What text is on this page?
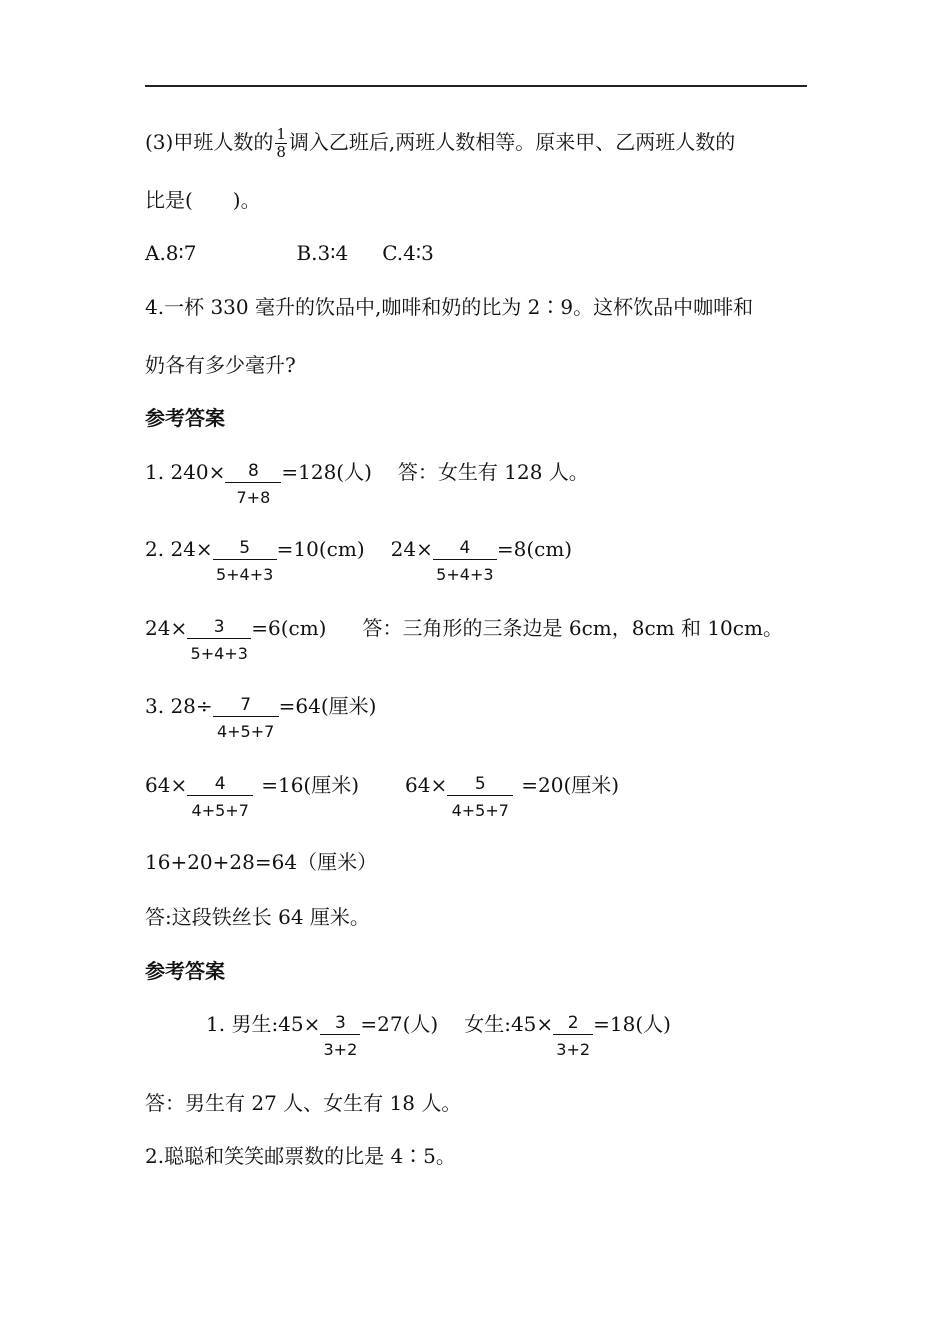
(3)甲班人数的 $\frac{1}{8}$ 调入乙班后,两班人数相等。原来甲、乙两班人数的
比是(　　)。
A.8∶7	B.3∶4 C.4∶3
4.一杯 330 毫升的饮品中,咖啡和奶的比为 2∶9。这杯饮品中咖啡和
奶各有多少毫升?
参考答案
1. $240\times \frac{8}{7+8} =128$(人) 答：女生有 128 人。
2. $24\times \frac{5}{5+4+3} =10(cm)$ $24\times \frac{4}{5+4+3} =8(cm)$
$24\times \frac{3}{5+4+3} =6(cm)$ 答：三角形的三条边是 6cm，8cm 和 10cm。
3. $28\div \frac{7}{4+5+7} =64$(厘米)
$64\times \frac{4}{4+5+7} =16$(厘米) $64\times \frac{5}{4+5+7} =20$(厘米)
16+20+28=64（厘米）
答:这段铁丝长 64 厘米。
参考答案
1. 男生:45× $\frac{3}{3+2} =27$(人) 女生:45× $\frac{2}{3+2} =18$(人)
答：男生有 27 人、女生有 18 人。
2.聪聪和笑笑邮票数的比是 4∶5。
